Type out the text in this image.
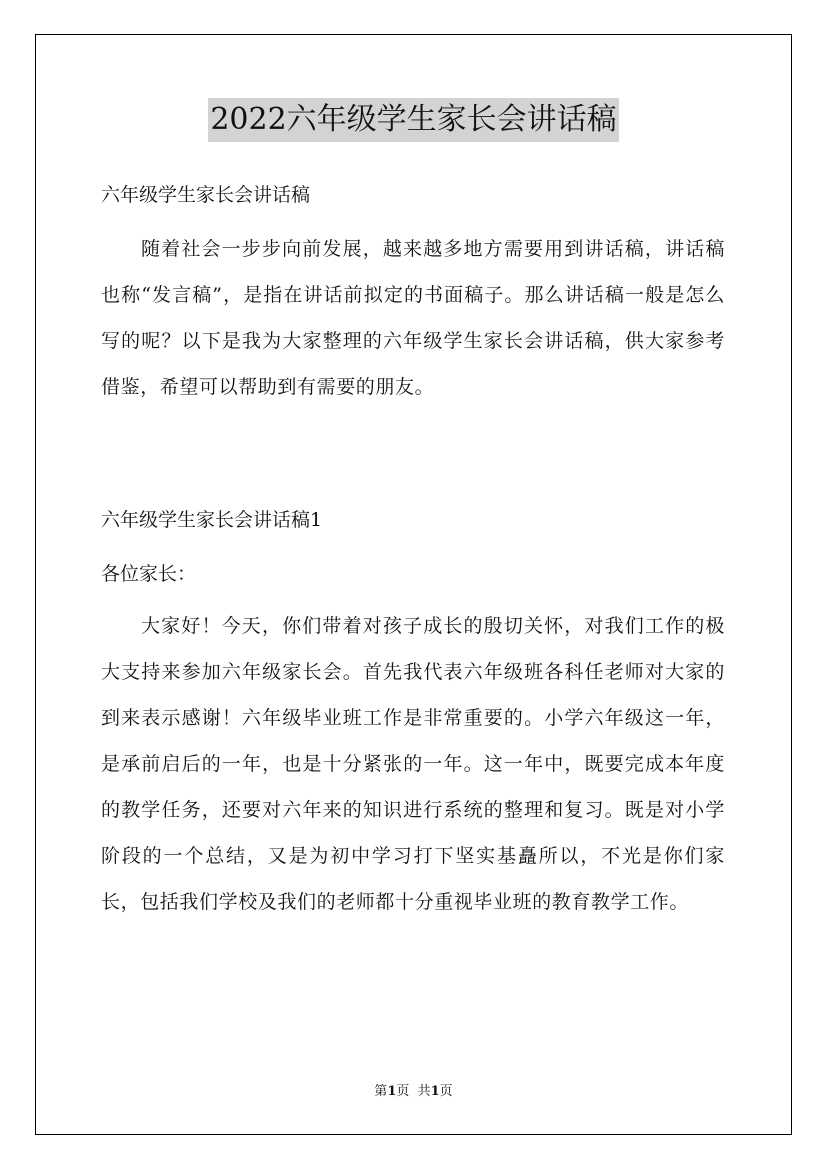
2022六年级学生家长会讲话稿
六年级学生家长会讲话稿
随着社会一步步向前发展，越来越多地方需要用到讲话稿，讲话稿也称“发言稿”，是指在讲话前拟定的书面稿子。那么讲话稿一般是怎么写的呢？以下是我为大家整理的六年级学生家长会讲话稿，供大家参考借鉴，希望可以帮助到有需要的朋友。
六年级学生家长会讲话稿1
各位家长：
大家好！今天，你们带着对孩子成长的殷切关怀，对我们工作的极大支持来参加六年级家长会。首先我代表六年级班各科任老师对大家的到来表示感谢！六年级毕业班工作是非常重要的。小学六年级这一年，是承前启后的一年，也是十分紧张的一年。这一年中，既要完成本年度的教学任务，还要对六年来的知识进行系统的整理和复习。既是对小学阶段的一个总结，又是为初中学习打下坚实基矗所以，不光是你们家长，包括我们学校及我们的老师都十分重视毕业班的教育教学工作。
第1页  共1页
